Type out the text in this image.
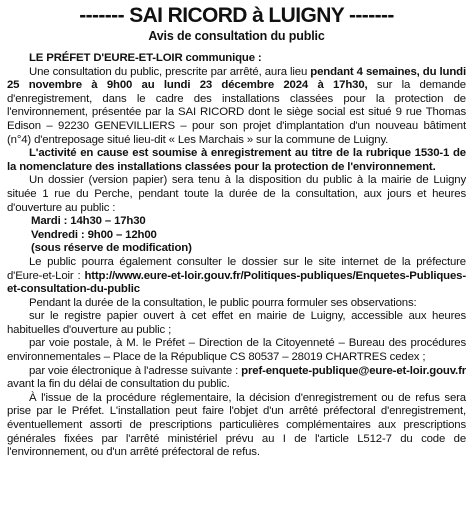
------- SAI RICORD à LUIGNY -------
Avis de consultation du public

LE PRÉFET D'EURE-ET-LOIR communique :

Une consultation du public, prescrite par arrêté, aura lieu pendant 4 semaines, du lundi 25 novembre à 9h00 au lundi 23 décembre 2024 à 17h30, sur la demande d'enregistrement, dans le cadre des installations classées pour la protection de l'environnement, présentée par la SAI RICORD dont le siège social est situé 9 rue Thomas Edison – 92230 GENEVILLIERS – pour son projet d'implantation d'un nouveau bâtiment (n°4) d'entreposage situé lieu-dit « Les Marchais » sur la commune de Luigny.

L'activité en cause est soumise à enregistrement au titre de la rubrique 1530-1 de la nomenclature des installations classées pour la protection de l'environnement.

Un dossier (version papier) sera tenu à la disposition du public à la mairie de Luigny située 1 rue du Perche, pendant toute la durée de la consultation, aux jours et heures d'ouverture au public :

Mardi : 14h30 – 17h30
Vendredi : 9h00 – 12h00
(sous réserve de modification)

Le public pourra également consulter le dossier sur le site internet de la préfecture d'Eure-et-Loir : http://www.eure-et-loir.gouv.fr/Politiques-publiques/Enquetes-Publiques-et-consultation-du-public

Pendant la durée de la consultation, le public pourra formuler ses observations:

sur le registre papier ouvert à cet effet en mairie de Luigny, accessible aux heures habituelles d'ouverture au public ;

par voie postale, à M. le Préfet – Direction de la Citoyenneté – Bureau des procédures environnementales – Place de la République CS 80537 – 28019 CHARTRES cedex ;

par voie électronique à l'adresse suivante : pref-enquete-publique@eure-et-loir.gouv.fr avant la fin du délai de consultation du public.

À l'issue de la procédure réglementaire, la décision d'enregistrement ou de refus sera prise par le Préfet. L'installation peut faire l'objet d'un arrêté préfectoral d'enregistrement, éventuellement assorti de prescriptions particulières complémentaires aux prescriptions générales fixées par l'arrêté ministériel prévu au I de l'article L512-7 du code de l'environnement, ou d'un arrêté préfectoral de refus.
